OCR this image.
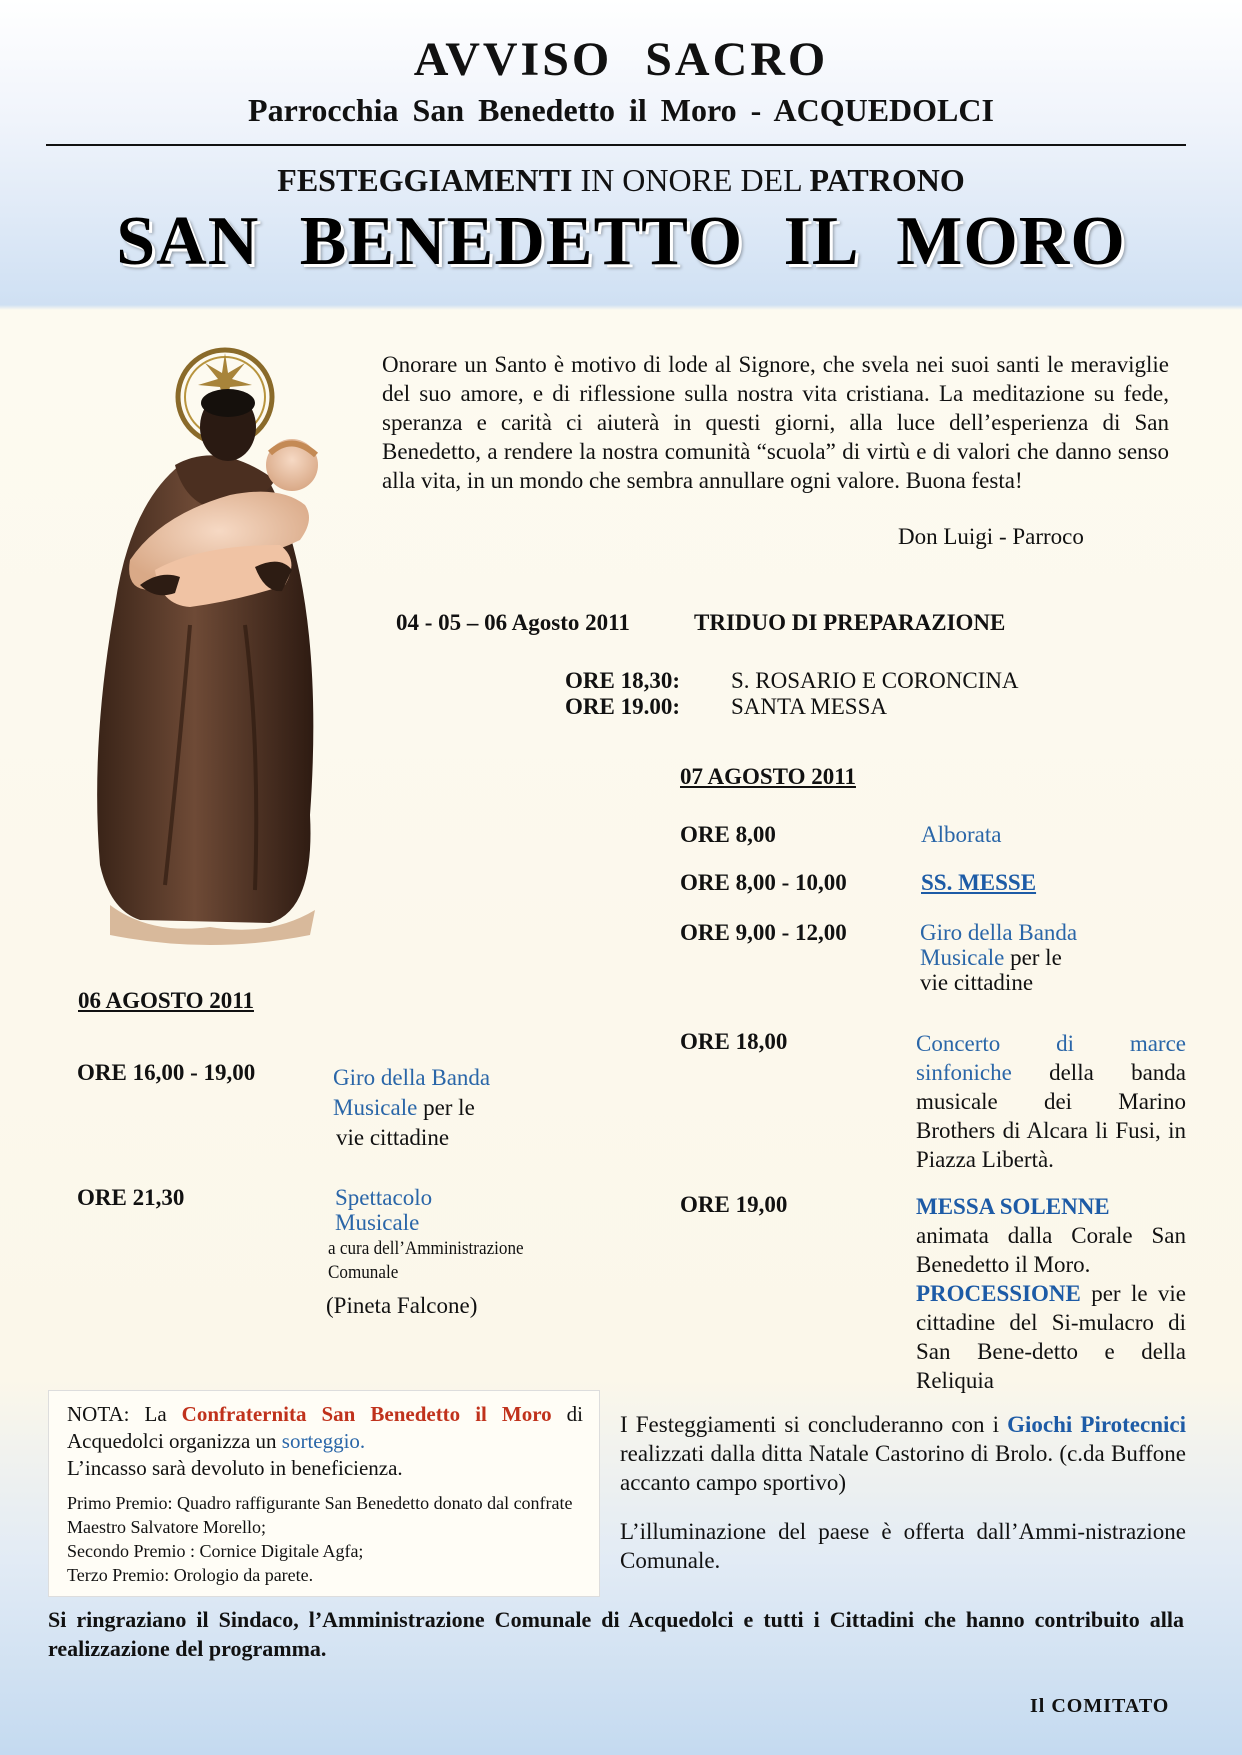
AVVISO SACRO
Parrocchia San Benedetto il Moro - ACQUEDOLCI
FESTEGGIAMENTI IN ONORE DEL PATRONO
SAN BENEDETTO IL MORO

Onorare un Santo è motivo di lode al Signore, che svela nei suoi santi le meraviglie del suo amore, e di riflessione sulla nostra vita cristiana. La meditazione su fede, speranza e carità ci aiuterà in questi giorni, alla luce dell’esperienza di San Benedetto, a rendere la nostra comunità “scuola” di virtù e di valori che danno senso alla vita, in un mondo che sembra annullare ogni valore. Buona festa!

Don Luigi - Parroco
04 - 05 – 06 Agosto 2011	TRIDUO DI PREPARAZIONE
ORE 18,30: S. ROSARIO E CORONCINA
ORE 19.00: SANTA MESSA
07 AGOSTO 2011
ORE 8,00	Alborata
ORE 8,00 - 10,00	SS. MESSE
ORE 9,00 - 12,00	Giro della Banda
Musicale per le
vie cittadine
ORE 18,00	Concerto di marce sinfoniche della banda musicale dei Marino Brothers di Alcara li Fusi, in Piazza Libertà.
ORE 19,00	MESSA SOLENNE
animata dalla Corale San Benedetto il Moro.
PROCESSIONE per le vie cittadine del Si-mulacro di San Bene-detto e della Reliquia
06 AGOSTO 2011
ORE 16,00 - 19,00	Giro della Banda
Musicale per le
vie cittadine
ORE 21,30	Spettacolo
Musicale
a cura dell’Amministrazione
Comunale
(Pineta Falcone)

NOTA: La Confraternita San Benedetto il Moro di Acquedolci organizza un sorteggio.
L’incasso sarà devoluto in beneficienza.

Primo Premio: Quadro raffigurante San Benedetto donato dal confrate Maestro Salvatore Morello;
Secondo Premio : Cornice Digitale Agfa;
Terzo Premio: Orologio da parete.

I Festeggiamenti si concluderanno con i Giochi Pirotecnici realizzati dalla ditta Natale Castorino di Brolo. (c.da Buffone accanto campo sportivo)

L’illuminazione del paese è offerta dall’Ammi-nistrazione Comunale.

Si ringraziano il Sindaco, l’Amministrazione Comunale di Acquedolci e tutti i Cittadini che hanno contribuito alla realizzazione del programma.

Il COMITATO
